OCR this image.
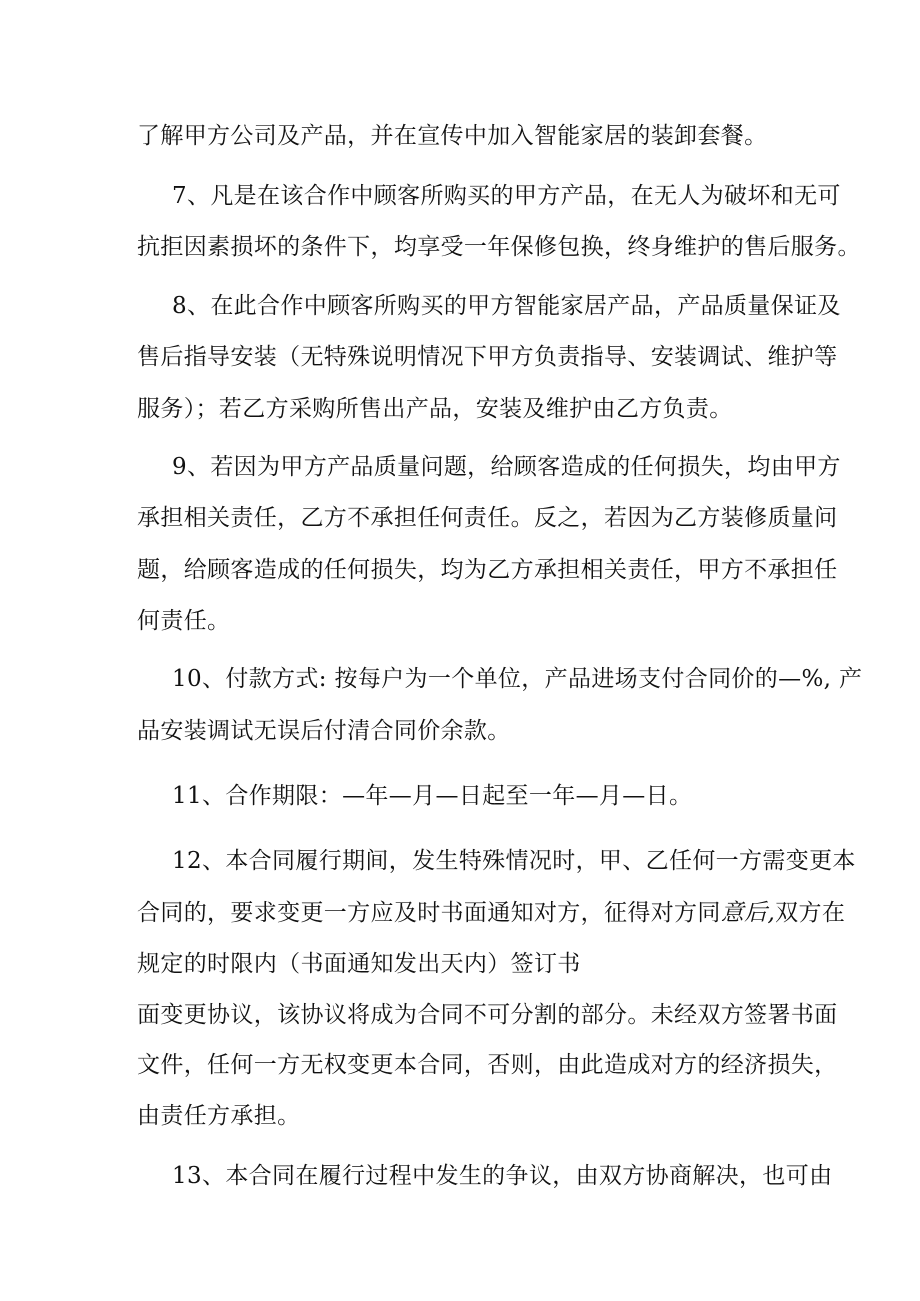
了解甲方公司及产品，并在宣传中加入智能家居的装卸套餐。
7、凡是在该合作中顾客所购买的甲方产品，在无人为破坏和无可
抗拒因素损坏的条件下，均享受一年保修包换，终身维护的售后服务。
8、在此合作中顾客所购买的甲方智能家居产品，产品质量保证及
售后指导安装（无特殊说明情况下甲方负责指导、安装调试、维护等
服务）；若乙方采购所售出产品，安装及维护由乙方负责。
9、若因为甲方产品质量问题，给顾客造成的任何损失，均由甲方
承担相关责任，乙方不承担任何责任。反之，若因为乙方装修质量问
题，给顾客造成的任何损失，均为乙方承担相关责任，甲方不承担任
何责任。
10、付款方式: 按每户为一个单位，产品进场支付合同价的—%, 产
品安装调试无误后付清合同价余款。
11、合作期限：—年—月—日起至一年—月—日。
12、本合同履行期间，发生特殊情况时，甲、乙任何一方需变更本
合同的，要求变更一方应及时书面通知对方，征得对方同意后,双方在
规定的时限内（书面通知发出天内）签订书
面变更协议，该协议将成为合同不可分割的部分。未经双方签署书面
文件，任何一方无权变更本合同，否则，由此造成对方的经济损失，
由责任方承担。
13、本合同在履行过程中发生的争议，由双方协商解决，也可由
